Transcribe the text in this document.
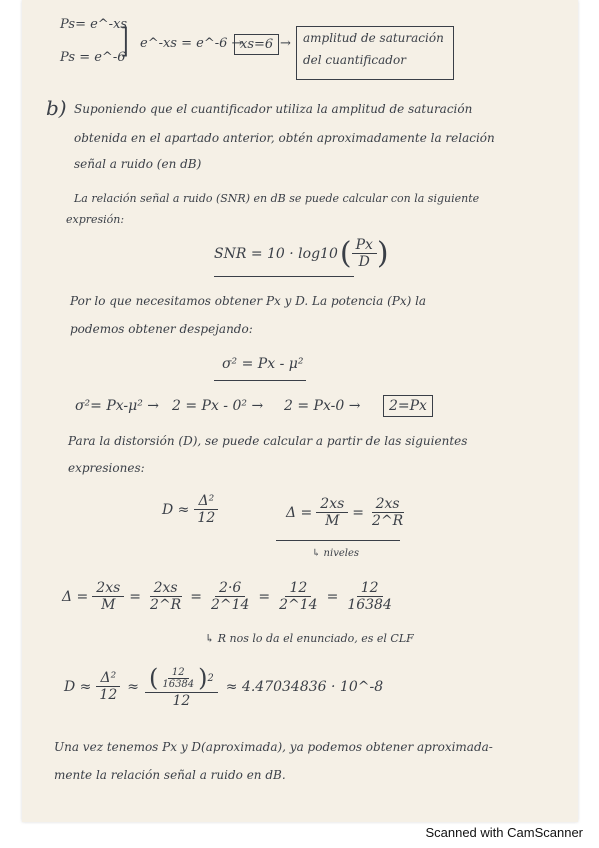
Ps= e^-xs
Ps = e^-6
] e^-xs = e^-6 →
xs=6 → amplitud de saturación
del cuantificador
b) Suponiendo que el cuantificador utiliza la amplitud de saturación
obtenida en el apartado anterior, obtén aproximadamente la relación
señal a ruido (en dB)
La relación señal a ruido (SNR) en dB se puede calcular con la siguiente
expresión:
SNR = 10 · log10 ( $\frac{Px}{D}$ )
Por lo que necesitamos obtener Px y D. La potencia (Px) la
podemos obtener despejando:
σ² = Px - μ²
σ²= Px-μ² → 2 = Px - 0² → 2 = Px-0 →	2=Px
Para la distorsión (D), se puede calcular a partir de las siguientes
expresiones:
$D \approx \frac{\text{Δ²}}{12}$	$\Delta = \frac{2xs}{M} = \frac{2xs}{2\^{}R}$
↳ niveles
$\Delta = \frac{2xs}{M} = \frac{2xs}{2\^{}R} = \frac{2\cdot 6}{2\^{}14} = \frac{12}{2\^{}14} = \frac{12}{16384}$
↳ R nos lo da el enunciado, es el CLF
$D \approx \frac{\text{Δ²}}{12} \approx \frac{( \frac{12}{16384} ) 2}{12} \approx 4.47034836$ · 10^-8
Una vez tenemos Px y D(aproximada), ya podemos obtener aproximada-
mente la relación señal a ruido en dB.
Scanned with CamScanner
